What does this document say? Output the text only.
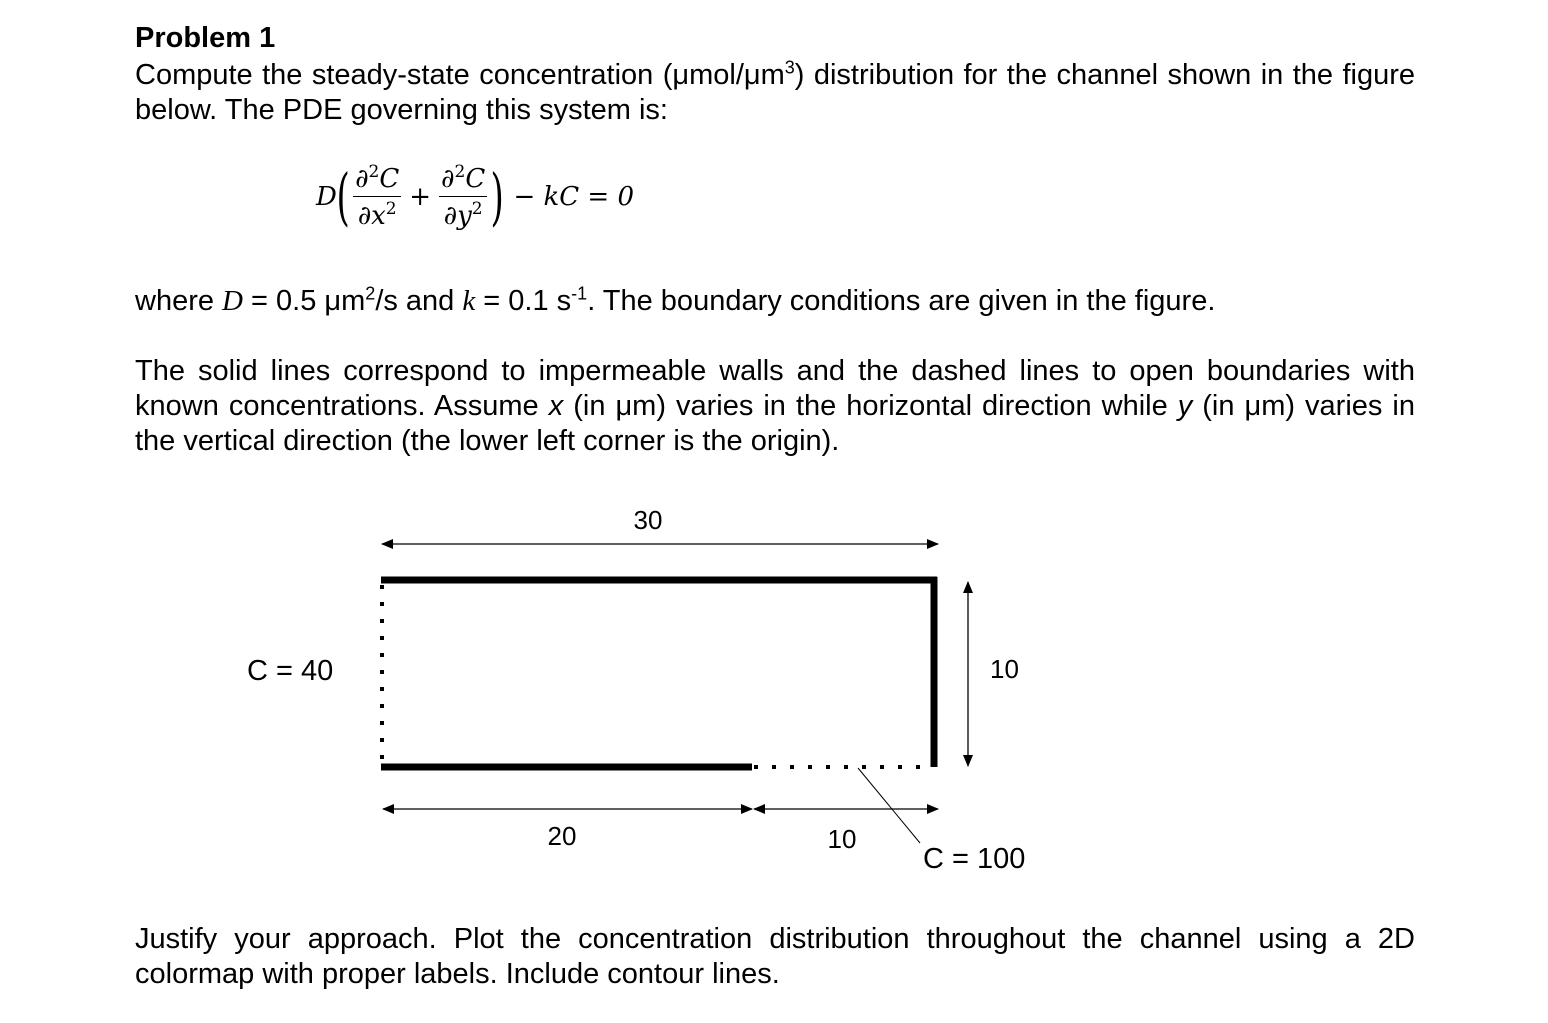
Problem 1
Compute the steady-state concentration $(\mu mol/\mu m^3)$ distribution for the channel shown in the figure below. The PDE governing this system is:
D ( $\frac{\partial^2C}{\partial x^2} + \frac{\partial^2C}{\partial y^2}$ ) − kC = 0
where D = 0.5 $\mu m^2/s$ and k = 0.1 $s^{-1}$. The boundary conditions are given in the figure.
The solid lines correspond to impermeable walls and the dashed lines to open boundaries with known concentrations. Assume x (in μm) varies in the horizontal direction while y (in μm) varies in the vertical direction (the lower left corner is the origin).
30
10
20	10
C = 40
C = 100
Justify your approach. Plot the concentration distribution throughout the channel using a 2D colormap with proper labels. Include contour lines.
